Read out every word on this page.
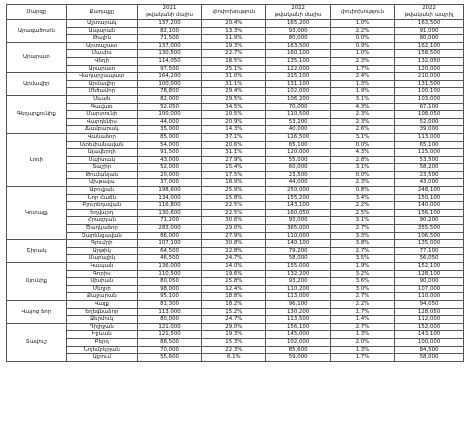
Մարզը	Քաղաքը	2021	փոփոխություն	2022	փոփոխություն	2022
		թվականի մայիս		թվականի մայիս		թվականի ապրիլ
Արագածոտն	Աշտարակ	137,200	20.4%	165,200	1.0%	163,500
	Ապարան	82,100	13.3%	93,000	2.2%	91,000
	Թալին	71,500	11.9%	80,000	0.0%	80,000
Արարատ	Արտաշատ	137,000	19.3%	163,500	0.9%	162,100
	Մասիս	130,500	22.7%	160,100	1.0%	158,500
	Վեդի	114,050	18.5%	135,100	2.3%	132,050
	Արարատ	97,500	25.1%	122,000	1.7%	120,000
Արմավիր	Վաղարշապատ	164,200	31.0%	215,100	2.4%	210,000
	Արմավիր	100,000	31.1%	131,100	1.3%	131,500
	Մեծամոր	78,800	29.4%	102,000	1.9%	100,100
Գեղարքունիք	Սևան	82,000	29.5%	106,200	3.1%	103,000
	Գավառ	52,050	34.5%	70,000	4.3%	67,100
	Մարտունի	100,000	10.5%	110,500	2.3%	108,050
	Վարդենիս	44,000	20.9%	53,200	2.3%	52,000
	Ճամբարակ	35,000	14.3%	40,000	2.6%	39,000
Լոռի	Վանաձոր	85,000	37.1%	116,500	3.1%	113,000
	Ստեփանավան	54,000	20.6%	65,100	0.0%	65,100
	Ալավերդի	91,500	31.1%	120,000	4.3%	115,000
	Սպիտակ	43,000	27.9%	55,000	2.8%	53,500
	Տաշիր	52,000	15.4%	60,000	3.1%	58,200
	Թումանյան	20,000	17.5%	23,500	0.0%	23,500
	Ախթալա	37,000	18.9%	44,000	2.3%	43,000
Կոտայք	Աբովյան	198,600	25.9%	250,000	0.8%	248,100
	Նոր Հաճն	134,000	15.8%	155,200	3.4%	150,100
	Բյուրեղավան	116,800	22.5%	143,100	2.2%	140,000
	Եղվարդ	130,600	22.5%	160,050	2.5%	156,100
	Հրազդան	71,200	30.6%	93,000	3.1%	90,200
	Ծաղկաձոր	283,000	29.0%	365,000	2.7%	355,500
	Չարենցավան	86,000	27.9%	110,000	3.3%	106,500
Շիրակ	Գյումրի	107,100	30.8%	140,100	3.8%	135,000
	Արթիկ	64,500	22.8%	79,200	2.7%	77,100
	Մարալիկ	46,500	24.7%	58,000	3.5%	56,050
Սյունիք	Կապան	136,000	14.0%	155,000	1.9%	152,100
	Գորիս	110,500	19.6%	132,200	3.2%	128,100
	Սիսիան	80,050	15.8%	93,200	3.6%	90,000
	Մեղրի	98,000	12.4%	110,200	3.0%	107,000
	Քաջարան	95,100	18.8%	113,000	2.7%	110,000
Վայոց ձոր	Վայք	81,300	18.2%	96,100	2.2%	94,050
	Եղեգնաձոր	113,000	15.2%	130,200	1.7%	128,050
	Ջերմուկ	80,000	24.7%	113,500	1.4%	112,000
Տավուշ	Դիլիջան	121,000	29.0%	156,100	2.7%	152,000
	Իջևան	121,500	19.3%	145,000	1.3%	143,100
	Բերդ	88,500	15.3%	102,000	2.0%	100,000
	Նոյեմբերյան	70,000	22.3%	85,600	1.3%	84,500
	Այրում	55,600	6.1%	59,000	1.7%	58,000
